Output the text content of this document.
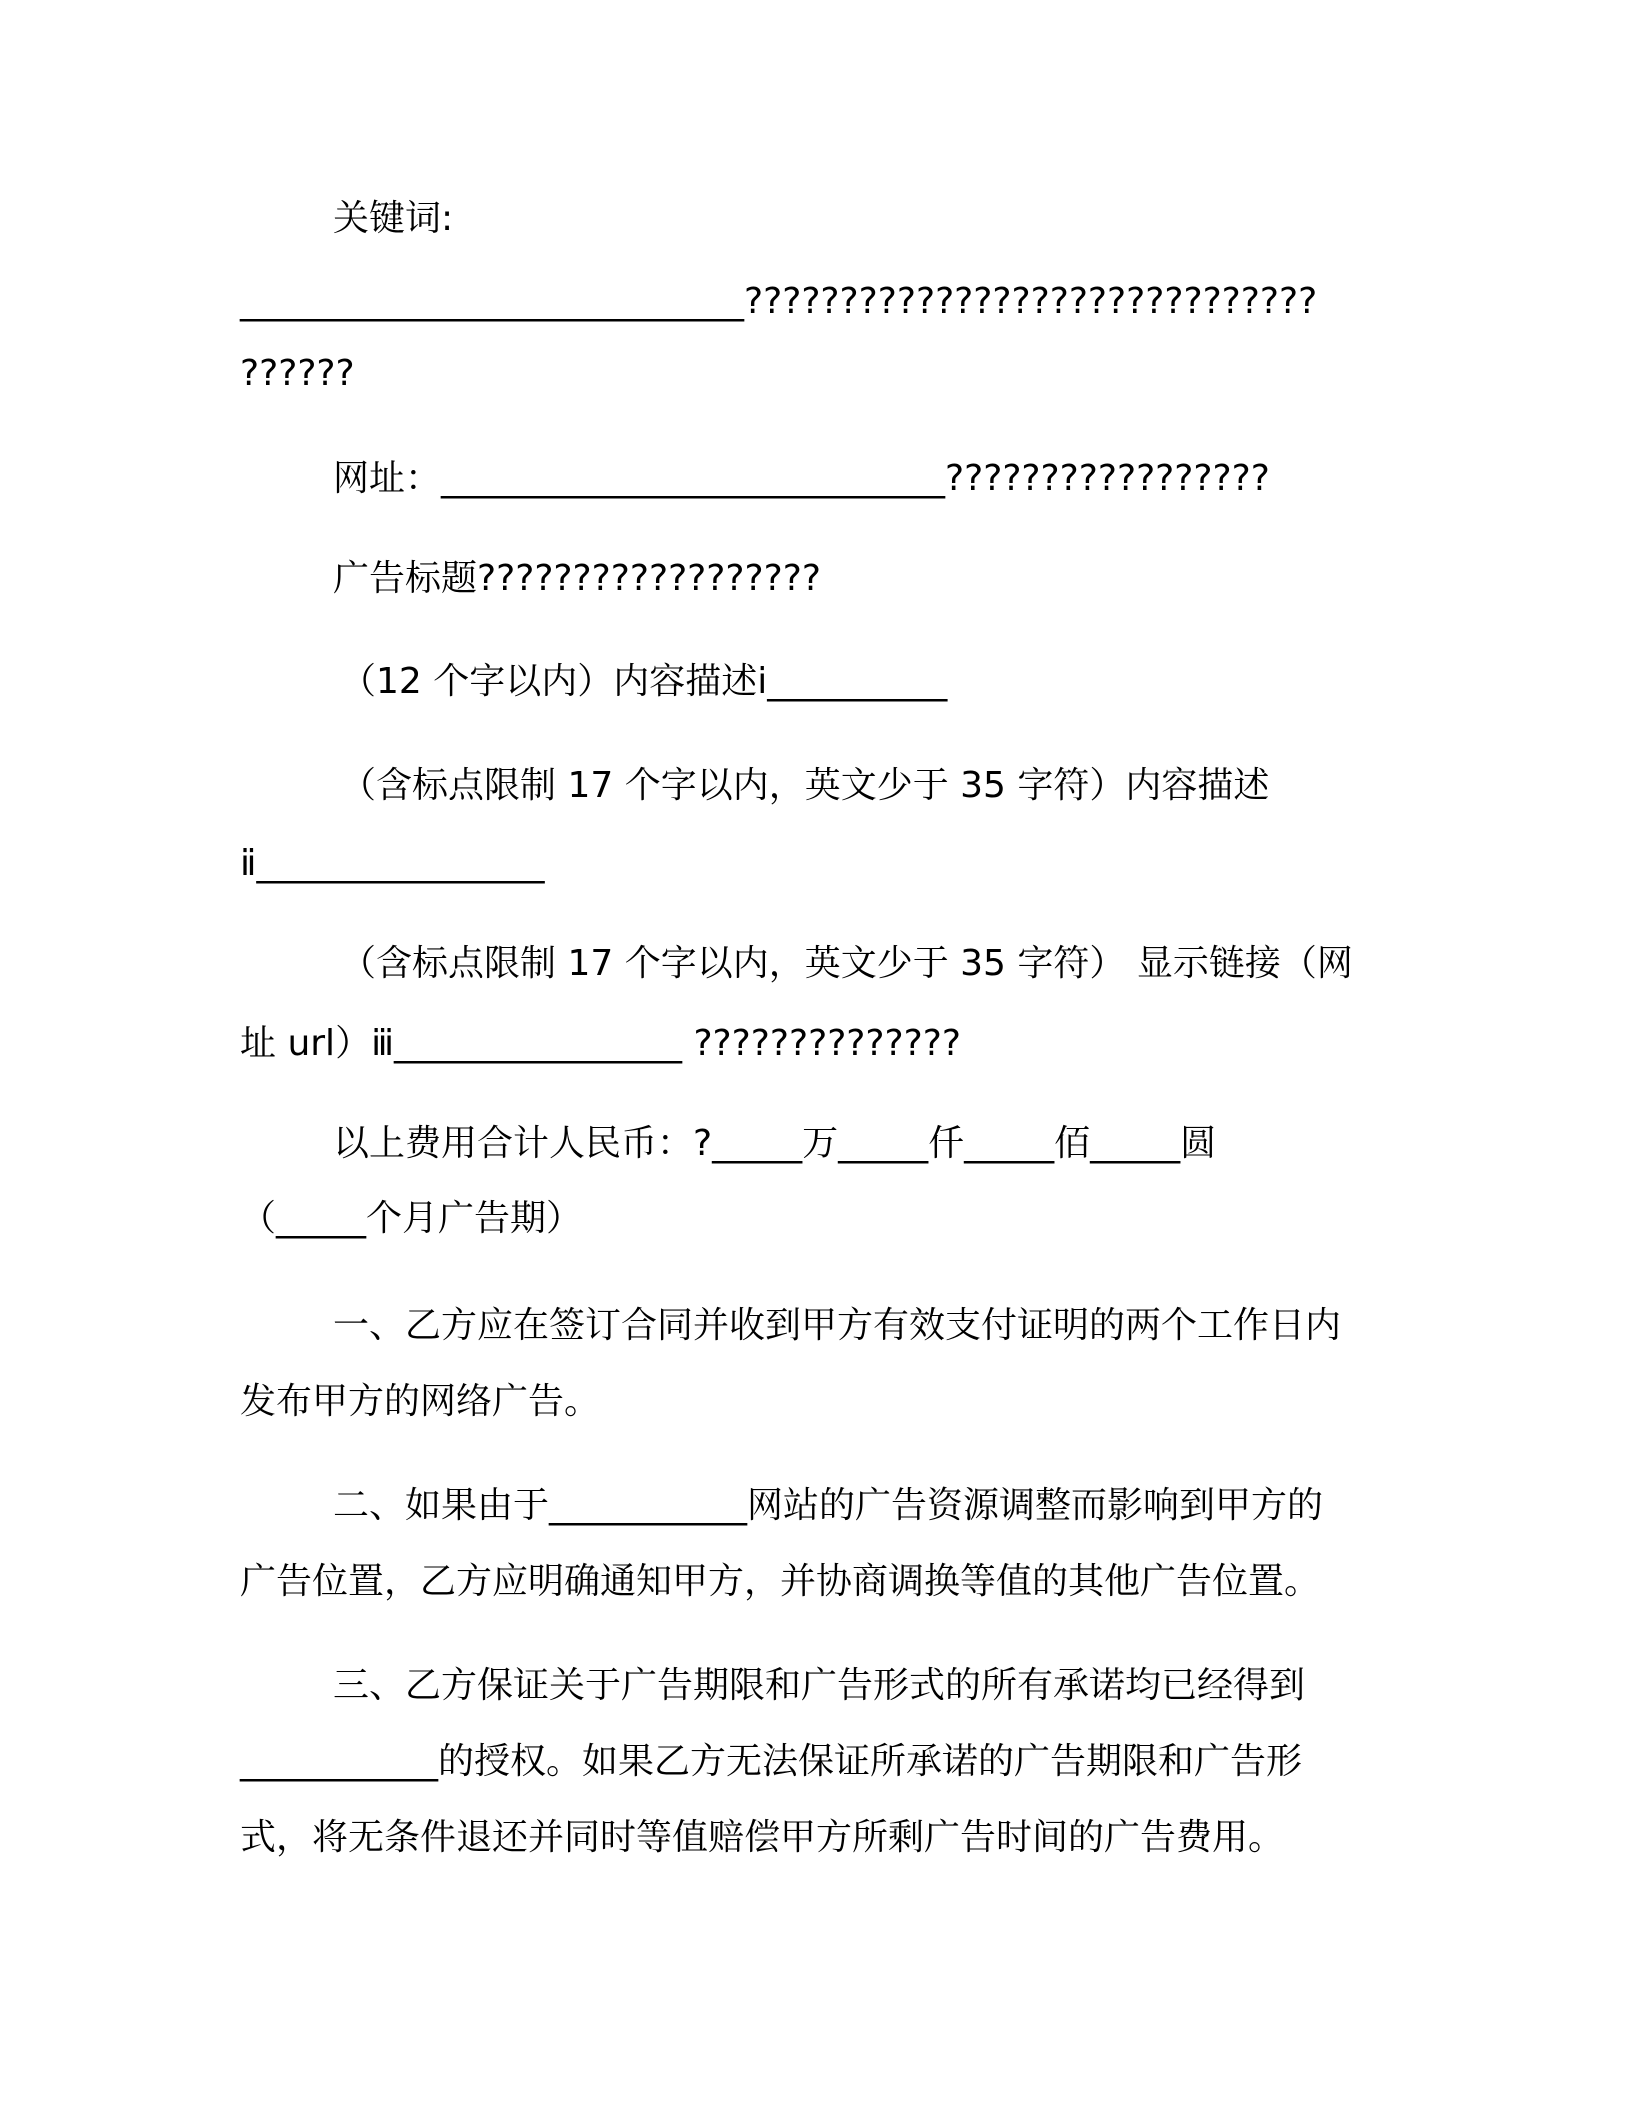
关键词:
____________________________??????????????????????????????
??????
网址：____________________________?????????????????
广告标题??????????????????
（12 个字以内）内容描述ⅰ__________
（含标点限制 17 个字以内，英文少于 35 字符）内容描述
ⅱ________________
（含标点限制 17 个字以内，英文少于 35 字符） 显示链接（网
址 url）ⅲ________________ ??????????????
以上费用合计人民币：?_____万_____仟_____佰_____圆
（_____个月广告期）
一、乙方应在签订合同并收到甲方有效支付证明的两个工作日内
发布甲方的网络广告。
二、如果由于___________网站的广告资源调整而影响到甲方的
广告位置，乙方应明确通知甲方，并协商调换等值的其他广告位置。
三、乙方保证关于广告期限和广告形式的所有承诺均已经得到
___________的授权。如果乙方无法保证所承诺的广告期限和广告形
式，将无条件退还并同时等值赔偿甲方所剩广告时间的广告费用。
